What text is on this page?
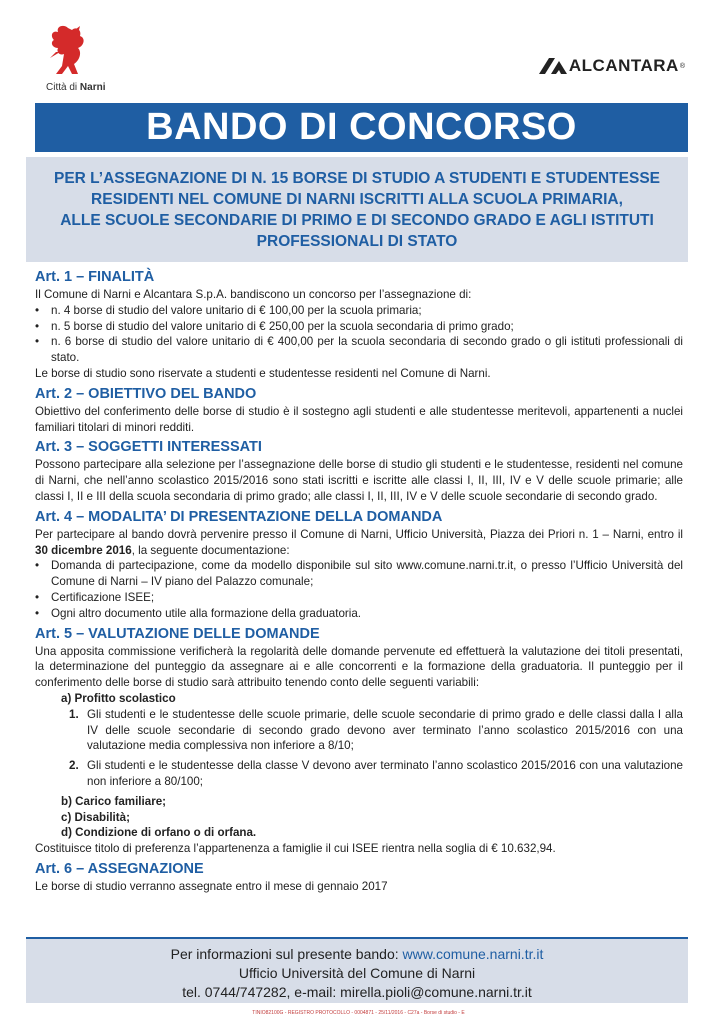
Città di Narni
ALCANTARA ®
BANDO DI CONCORSO
PER L’ASSEGNAZIONE DI N. 15 BORSE DI STUDIO A STUDENTI E STUDENTESSE
RESIDENTI NEL COMUNE DI NARNI ISCRITTI ALLA SCUOLA PRIMARIA,
ALLE SCUOLE SECONDARIE DI PRIMO E DI SECONDO GRADO E AGLI ISTITUTI
PROFESSIONALI DI STATO
Art. 1 – FINALITÀ
Il Comune di Narni e Alcantara S.p.A. bandiscono un concorso per l’assegnazione di:
• n. 4 borse di studio del valore unitario di € 100,00 per la scuola primaria;
• n. 5 borse di studio del valore unitario di € 250,00 per la scuola secondaria di primo grado;
• n. 6 borse di studio del valore unitario di € 400,00 per la scuola secondaria di secondo grado o gli istituti professionali di stato.
Le borse di studio sono riservate a studenti e studentesse residenti nel Comune di Narni.
Art. 2 – OBIETTIVO DEL BANDO
Obiettivo del conferimento delle borse di studio è il sostegno agli studenti e alle studentesse meritevoli, appartenenti a nuclei familiari titolari di minori redditi.
Art. 3 – SOGGETTI INTERESSATI
Possono partecipare alla selezione per l’assegnazione delle borse di studio gli studenti e le studentesse, residenti nel comune di Narni, che nell’anno scolastico 2015/2016 sono stati iscritti e iscritte alle classi I, II, III, IV e V delle scuole primarie; alle classi I, II e III della scuola secondaria di primo grado; alle classi I, II, III, IV e V delle scuole secondarie di secondo grado.
Art. 4 – MODALITA’ DI PRESENTAZIONE DELLA DOMANDA
Per partecipare al bando dovrà pervenire presso il Comune di Narni, Ufficio Università, Piazza dei Priori n. 1 – Narni, entro il 30 dicembre 2016, la seguente documentazione:
• Domanda di partecipazione, come da modello disponibile sul sito www.comune.narni.tr.it, o presso l’Ufficio Università del Comune di Narni – IV piano del Palazzo comunale;
• Certificazione ISEE;
• Ogni altro documento utile alla formazione della graduatoria.
Art. 5 – VALUTAZIONE DELLE DOMANDE
Una apposita commissione verificherà la regolarità delle domande pervenute ed effettuerà la valutazione dei titoli presentati, la determinazione del punteggio da assegnare ai e alle concorrenti e la formazione della graduatoria. Il punteggio per il conferimento delle borse di studio sarà attribuito tenendo conto delle seguenti variabili:
a) Profitto scolastico
1. Gli studenti e le studentesse delle scuole primarie, delle scuole secondarie di primo grado e delle classi dalla I alla IV delle scuole secondarie di secondo grado devono aver terminato l’anno scolastico 2015/2016 con una valutazione media complessiva non inferiore a 8/10;
2. Gli studenti e le studentesse della classe V devono aver terminato l’anno scolastico 2015/2016 con una valutazione non inferiore a 80/100;
b) Carico familiare;
c) Disabilità;
d) Condizione di orfano o di orfana.
Costituisce titolo di preferenza l’appartenenza a famiglie il cui ISEE rientra nella soglia di € 10.632,94.
Art. 6 – ASSEGNAZIONE
Le borse di studio verranno assegnate entro il mese di gennaio 2017
Per informazioni sul presente bando: www.comune.narni.tr.it
Ufficio Università del Comune di Narni
tel. 0744/747282, e-mail: mirella.pioli@comune.narni.tr.it
TINIO82100G - REGISTRO PROTOCOLLO - 0004871 - 25/11/2016 - C27a - Borse di studio - E
